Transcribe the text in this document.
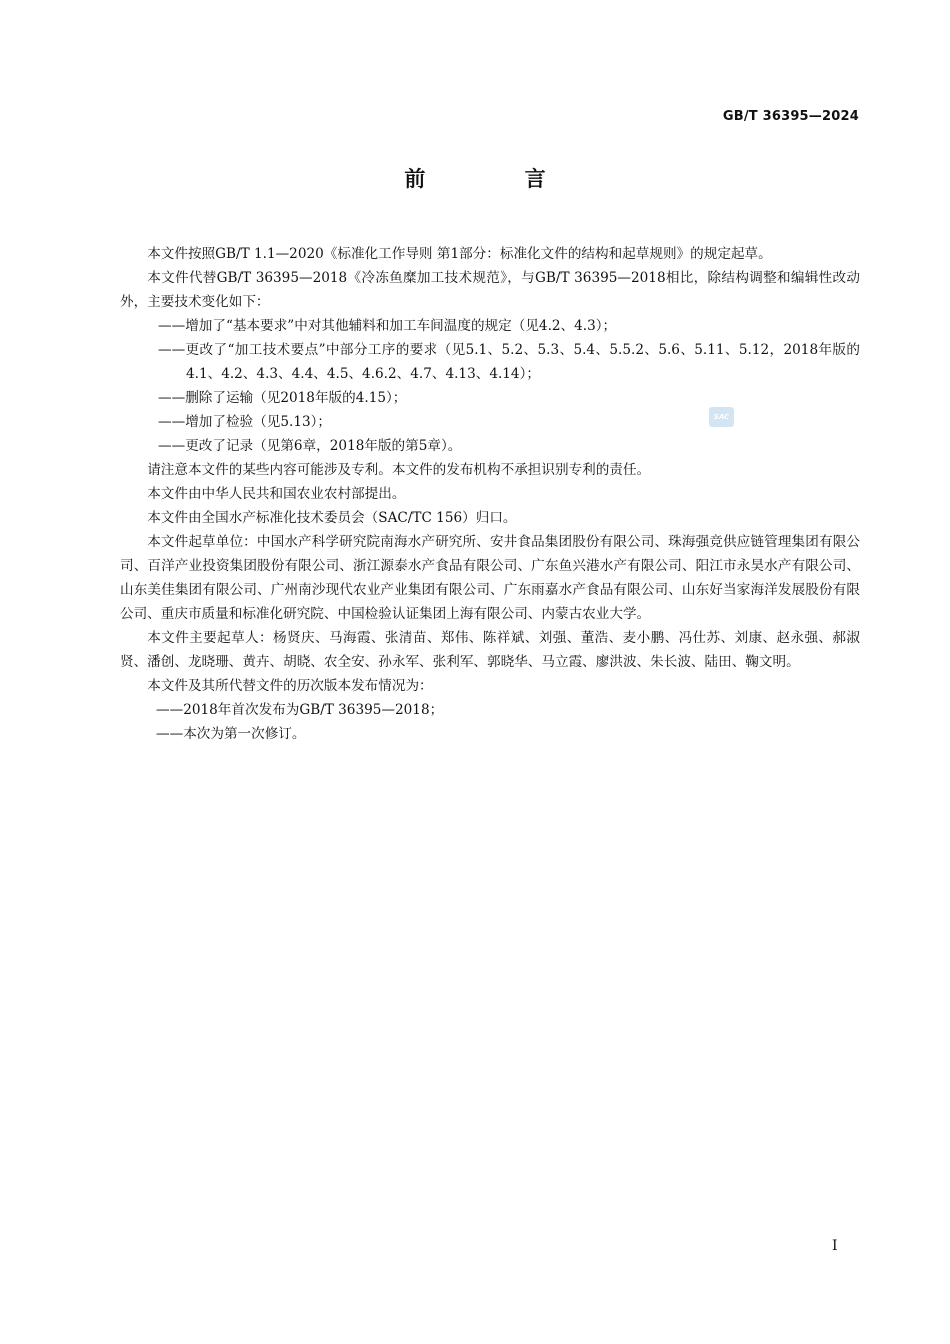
GB/T 36395—2024
前 言

本文件按照GB/T 1.1—2020《标准化工作导则 第1部分：标准化文件的结构和起草规则》的规定起草。

本文件代替GB/T 36395—2018《冷冻鱼糜加工技术规范》，与GB/T 36395—2018相比，除结构调整和编辑性改动外，主要技术变化如下：

——增加了“基本要求”中对其他辅料和加工车间温度的规定（见4.2、4.3）；
——更改了“加工技术要点”中部分工序的要求（见5.1、5.2、5.3、5.4、5.5.2、5.6、5.11、5.12，2018年版的4.1、4.2、4.3、4.4、4.5、4.6.2、4.7、4.13、4.14）；
——删除了运输（见2018年版的4.15）；
——增加了检验（见5.13）；
——更改了记录（见第6章，2018年版的第5章）。

请注意本文件的某些内容可能涉及专利。本文件的发布机构不承担识别专利的责任。

本文件由中华人民共和国农业农村部提出。

本文件由全国水产标准化技术委员会（SAC/TC 156）归口。

本文件起草单位：中国水产科学研究院南海水产研究所、安井食品集团股份有限公司、珠海强竞供应链管理集团有限公司、百洋产业投资集团股份有限公司、浙江源泰水产食品有限公司、广东鱼兴港水产有限公司、阳江市永昊水产有限公司、山东美佳集团有限公司、广州南沙现代农业产业集团有限公司、广东雨嘉水产食品有限公司、山东好当家海洋发展股份有限公司、重庆市质量和标准化研究院、中国检验认证集团上海有限公司、内蒙古农业大学。

本文件主要起草人：杨贤庆、马海霞、张清苗、郑伟、陈祥斌、刘强、董浩、麦小鹏、冯仕苏、刘康、赵永强、郝淑贤、潘创、龙晓珊、黄卉、胡晓、农全安、孙永军、张利军、郭晓华、马立霞、廖洪波、朱长波、陆田、鞠文明。

本文件及其所代替文件的历次版本发布情况为：

——2018年首次发布为GB/T 36395—2018；
——本次为第一次修订。
SAC
I
